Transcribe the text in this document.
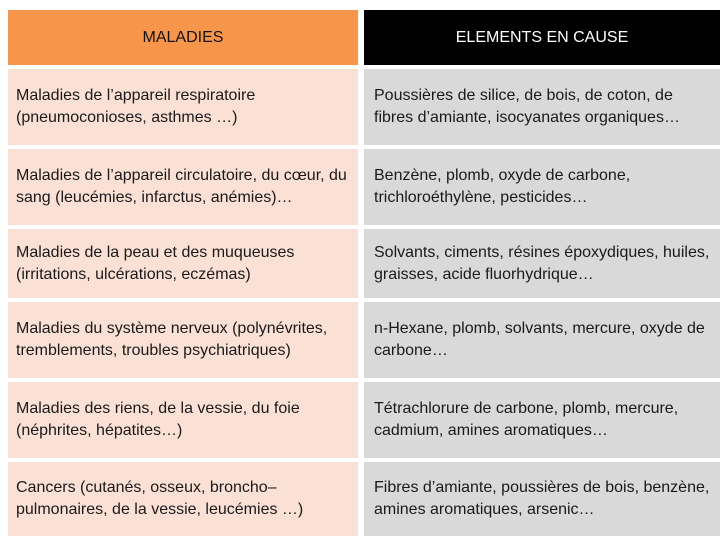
MALADIES	ELEMENTS EN CAUSE
Maladies de l’appareil respiratoire (pneumoconioses, asthmes …)
Poussières de silice, de bois, de coton, de fibres d’amiante, isocyanates organiques…
Maladies de l’appareil circulatoire, du cœur, du sang (leucémies, infarctus, anémies)…
Benzène, plomb, oxyde de carbone, trichloroéthylène, pesticides…
Maladies de la peau et des muqueuses (irritations, ulcérations, eczémas)
Solvants, ciments, résines époxydiques, huiles, graisses, acide fluorhydrique…
Maladies du système nerveux (polynévrites, tremblements, troubles psychiatriques)
n-Hexane, plomb, solvants, mercure, oxyde de carbone…
Maladies des riens, de la vessie, du foie (néphrites, hépatites…)
Tétrachlorure de carbone, plomb, mercure, cadmium, amines aromatiques…
Cancers (cutanés, osseux, broncho–pulmonaires, de la vessie, leucémies …)
Fibres d’amiante, poussières de bois, benzène, amines aromatiques, arsenic…
